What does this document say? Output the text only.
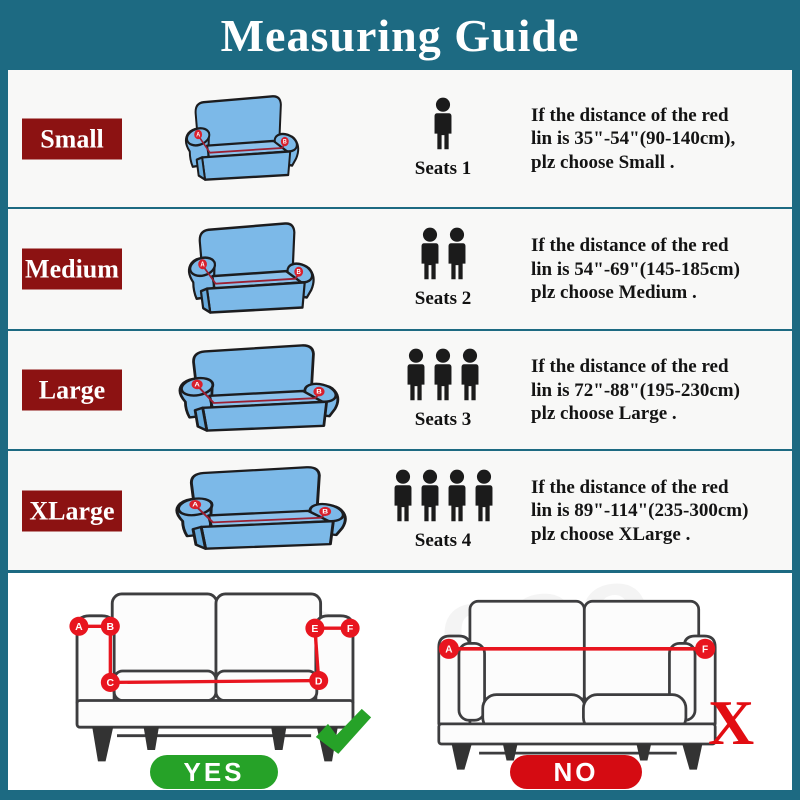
Measuring Guide
Small
Seats 1
If the distance of the red
lin is 35"-54"(90-140cm),
plz choose Small .
Medium
Seats 2
If the distance of the red
lin is 54"-69"(145-185cm)
plz choose Medium .
Large
Seats 3
If the distance of the red
lin is 72"-88"(195-230cm)
plz choose Large .
XLarge
Seats 4
If the distance of the red
lin is 89"-114"(235-300cm)
plz choose XLarge .
A B
C	D
E	F
A	F
X
YES	NO
